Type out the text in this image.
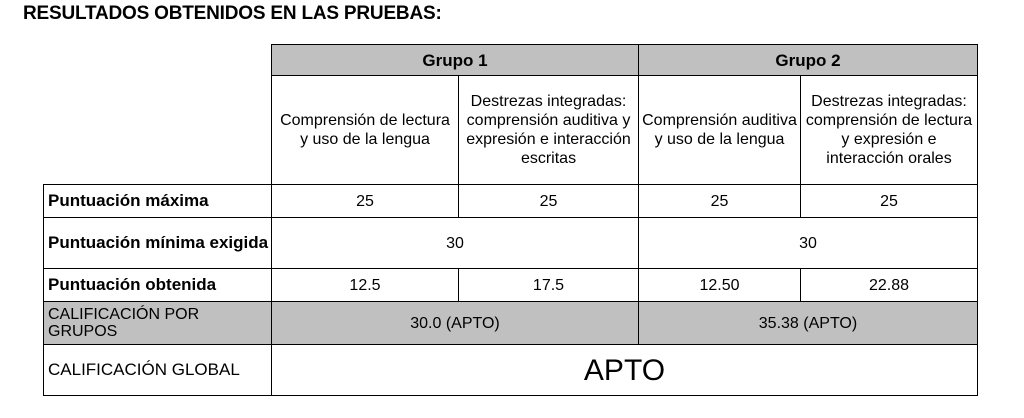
RESULTADOS OBTENIDOS EN LAS PRUEBAS:
	Grupo 1		Grupo 2	
	Comprensión de lectura y uso de la lengua	Destrezas integradas: comprensión auditiva y expresión e interacción escritas	Comprensión auditiva y uso de la lengua	Destrezas integradas: comprensión de lectura y expresión e interacción orales
Puntuación máxima	25	25	25	25
Puntuación mínima exigida	30		30	
Puntuación obtenida	12.5	17.5	12.50	22.88
CALIFICACIÓN POR GRUPOS	30.0 (APTO)		35.38 (APTO)	
CALIFICACIÓN GLOBAL	APTO			
